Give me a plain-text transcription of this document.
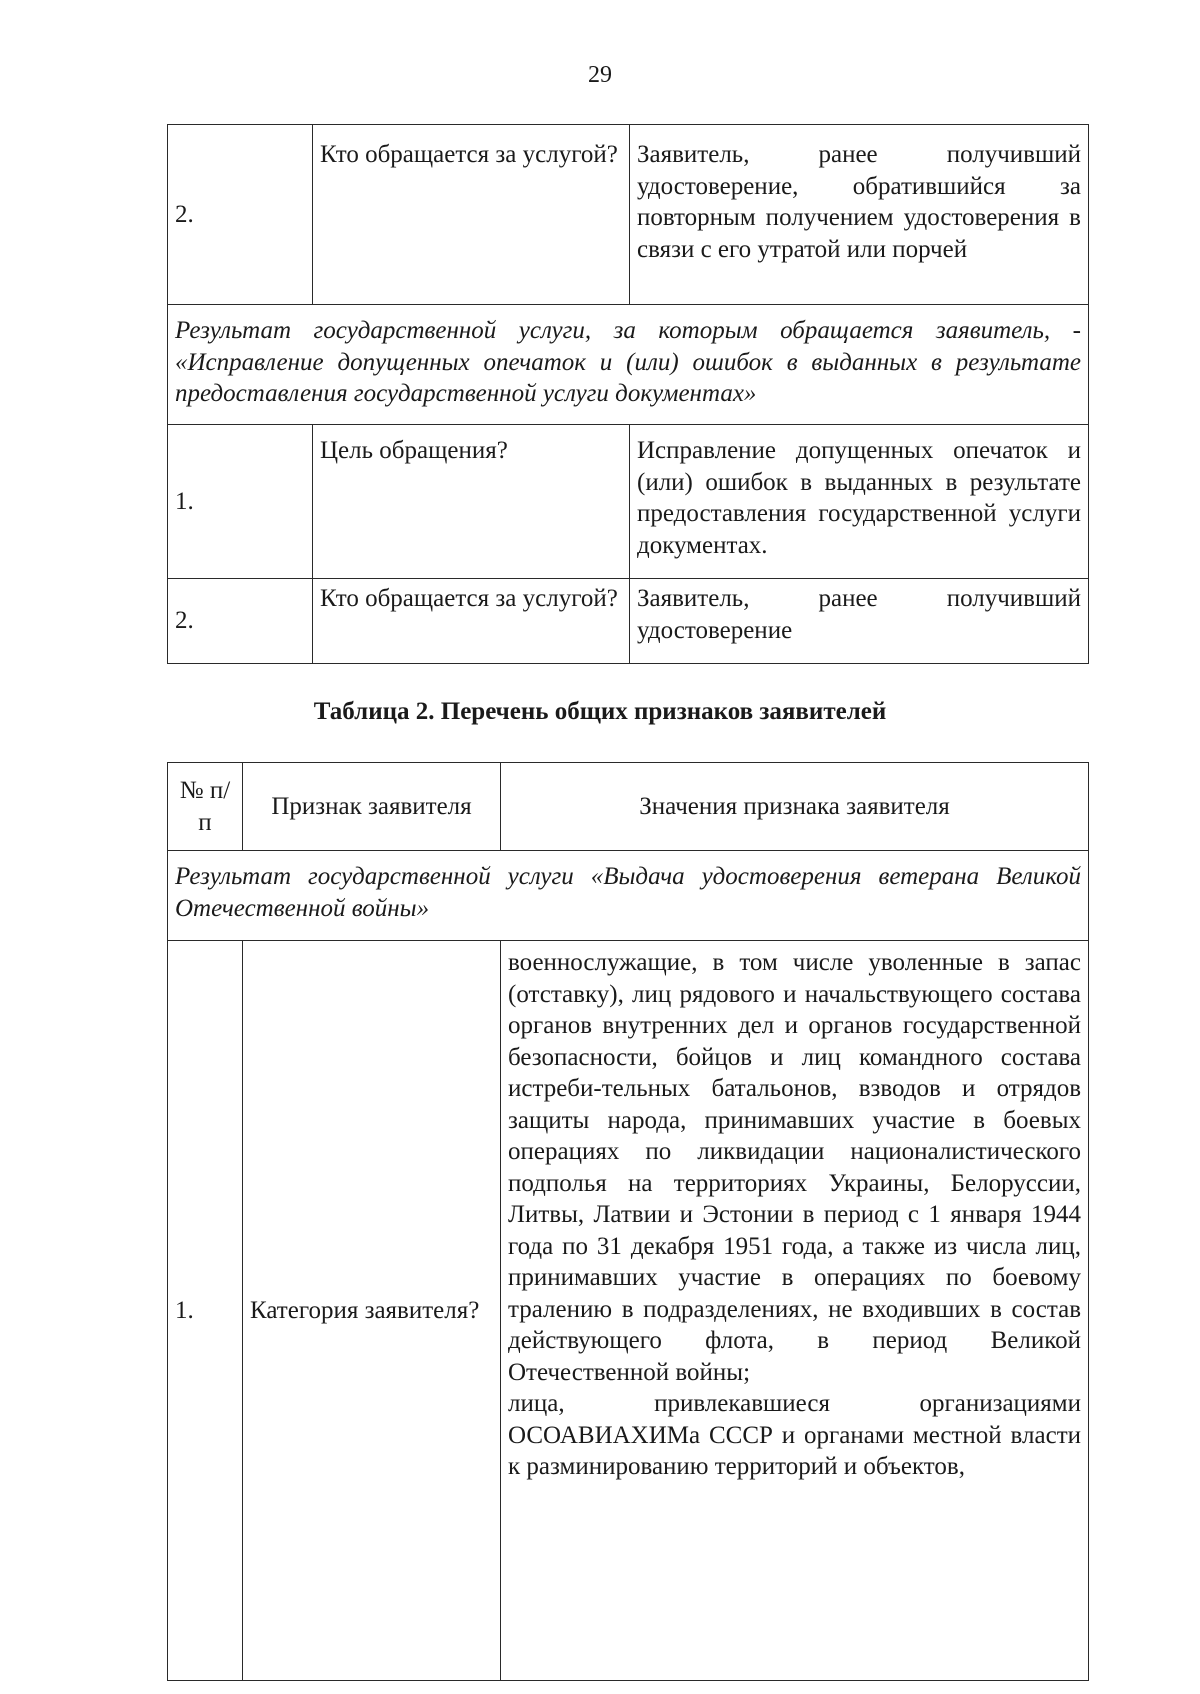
29
2.	Кто обращается за услугой?	Заявитель, ранее получивший удостоверение, обратившийся за повторным получением удостоверения в связи с его утратой или порчей
Результат государственной услуги, за которым обращается заявитель, - «Исправление допущенных опечаток и (или) ошибок в выданных в результате предоставления государственной услуги документах»		
1.	Цель обращения?	Исправление допущенных опечаток и (или) ошибок в выданных в результате предоставления государственной услуги документах.
2.	Кто обращается за услугой?	Заявитель, ранее получивший удостоверение
Таблица 2. Перечень общих признаков заявителей
№ п/п	Признак заявителя	Значения признака заявителя
Результат государственной услуги «Выдача удостоверения ветерана Великой Отечественной войны»		
1.	Категория заявителя?	военнослужащие, в том числе уволенные в запас (отставку), лиц рядового и начальствующего состава органов внутренних дел и органов государственной безопасности, бойцов и лиц командного состава истреби-тельных батальонов, взводов и отрядов защиты народа, принимавших участие в боевых операциях по ликвидации националистического подполья на территориях Украины, Белоруссии, Литвы, Латвии и Эстонии в период с 1 января 1944 года по 31 декабря 1951 года, а также из числа лиц, принимавших участие в операциях по боевому тралению в подразделениях, не входивших в состав действующего флота, в период Великой Отечественной войны;

лица, привлекавшиеся организациями ОСОАВИАХИМа СССР и органами местной власти к разминированию территорий и объектов,
